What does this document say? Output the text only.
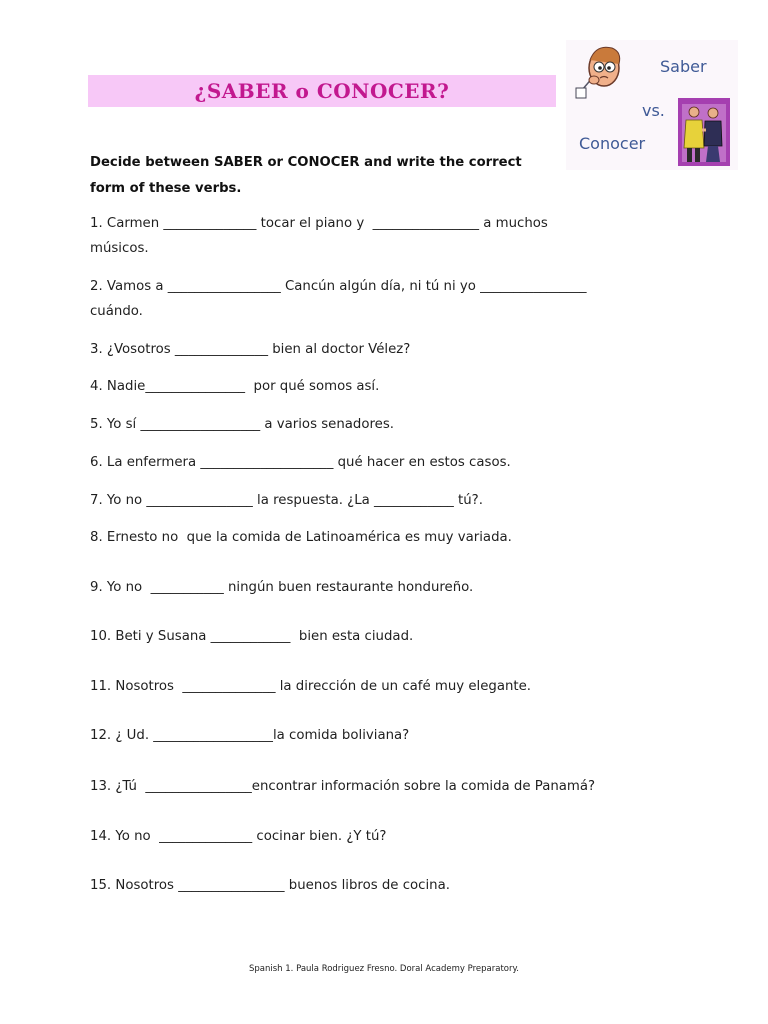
¿SABER o CONOCER?
Saber
vs.
Conocer
Decide between SABER or CONOCER and write the correct form of these verbs.
1. Carmen ______________ tocar el piano y  ________________ a muchos
músicos.
2. Vamos a _________________ Cancún algún día, ni tú ni yo ________________
cuándo.
3. ¿Vosotros ______________ bien al doctor Vélez?
4. Nadie_______________  por qué somos así.
5. Yo sí __________________ a varios senadores.
6. La enfermera ____________________ qué hacer en estos casos.
7. Yo no ________________ la respuesta. ¿La ____________ tú?.
8. Ernesto no  que la comida de Latinoamérica es muy variada.
9. Yo no  ___________ ningún buen restaurante hondureño.
10. Beti y Susana ____________  bien esta ciudad.
11. Nosotros  ______________ la dirección de un café muy elegante.
12. ¿ Ud. __________________la comida boliviana?
13. ¿Tú  ________________encontrar información sobre la comida de Panamá?
14. Yo no  ______________ cocinar bien. ¿Y tú?
15. Nosotros ________________ buenos libros de cocina.
Spanish 1. Paula Rodriguez Fresno. Doral Academy Preparatory.
